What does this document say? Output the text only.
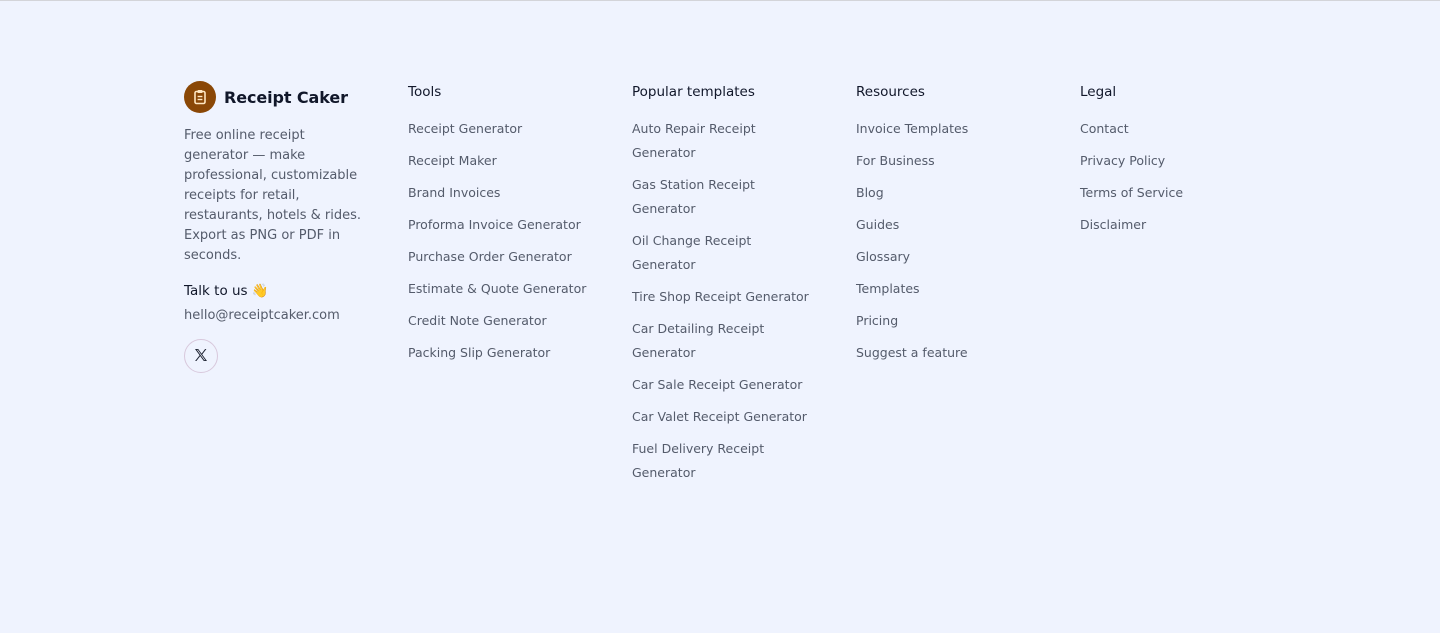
Receipt Caker
Free online receipt generator — make professional, customizable receipts for retail, restaurants, hotels & rides. Export as PNG or PDF in seconds.
Talk to us 👋
hello@receiptcaker.com
Tools
Receipt Generator
Receipt Maker
Brand Invoices
Proforma Invoice Generator
Purchase Order Generator
Estimate & Quote Generator
Credit Note Generator
Packing Slip Generator
Popular templates
Auto Repair Receipt Generator
Gas Station Receipt Generator
Oil Change Receipt Generator
Tire Shop Receipt Generator
Car Detailing Receipt Generator
Car Sale Receipt Generator
Car Valet Receipt Generator
Fuel Delivery Receipt Generator
Resources
Invoice Templates
For Business
Blog
Guides
Glossary
Templates
Pricing
Suggest a feature
Legal
Contact
Privacy Policy
Terms of Service
Disclaimer
